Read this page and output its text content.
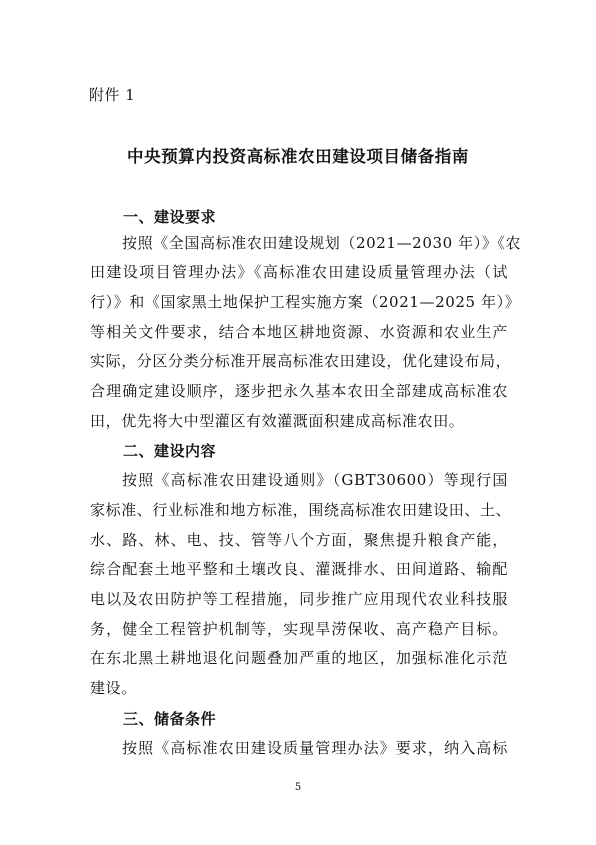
附件 1
中央预算内投资高标准农田建设项目储备指南
一、建设要求
按照《全国高标准农田建设规划（2021—2030 年）》《农
田建设项目管理办法》《高标准农田建设质量管理办法（试
行）》和《国家黑土地保护工程实施方案（2021—2025 年）》
等相关文件要求，结合本地区耕地资源、水资源和农业生产
实际，分区分类分标准开展高标准农田建设，优化建设布局，
合理确定建设顺序，逐步把永久基本农田全部建成高标准农
田，优先将大中型灌区有效灌溉面积建成高标准农田。
二、建设内容
按照《高标准农田建设通则》（GBT30600）等现行国
家标准、行业标准和地方标准，围绕高标准农田建设田、土、
水、路、林、电、技、管等八个方面，聚焦提升粮食产能，
综合配套土地平整和土壤改良、灌溉排水、田间道路、输配
电以及农田防护等工程措施，同步推广应用现代农业科技服
务，健全工程管护机制等，实现旱涝保收、高产稳产目标。
在东北黑土耕地退化问题叠加严重的地区，加强标准化示范
建设。
三、储备条件
按照《高标准农田建设质量管理办法》要求，纳入高标
5
